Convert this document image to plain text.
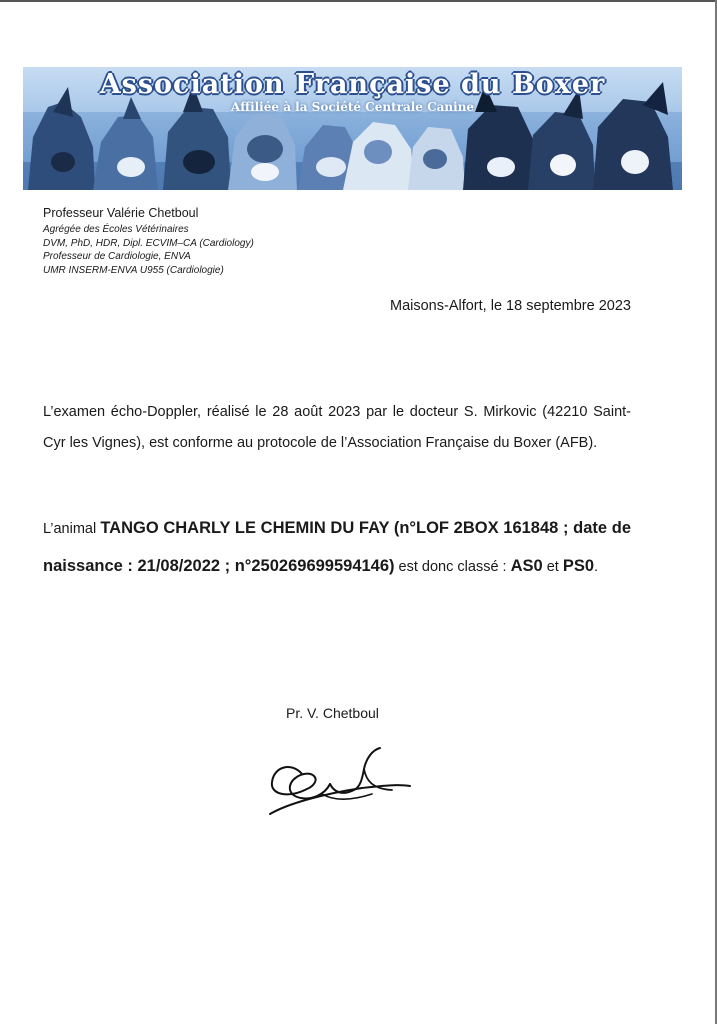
Association Française du Boxer
Affiliée à la Société Centrale Canine
Professeur Valérie Chetboul
Agrégée des Écoles Vétérinaires
DVM, PhD, HDR, Dipl. ECVIM–CA (Cardiology)
Professeur de Cardiologie, ENVA
UMR INSERM-ENVA U955 (Cardiologie)
Maisons-Alfort, le 18 septembre 2023
L’examen écho-Doppler, réalisé le 28 août 2023 par le docteur S. Mirkovic (42210 Saint-Cyr les Vignes), est conforme au protocole de l’Association Française du Boxer (AFB).
L’animal TANGO CHARLY LE CHEMIN DU FAY (n°LOF 2BOX 161848 ; date de naissance : 21/08/2022 ; n°250269699594146) est donc classé : AS0 et PS0.
Pr. V. Chetboul
